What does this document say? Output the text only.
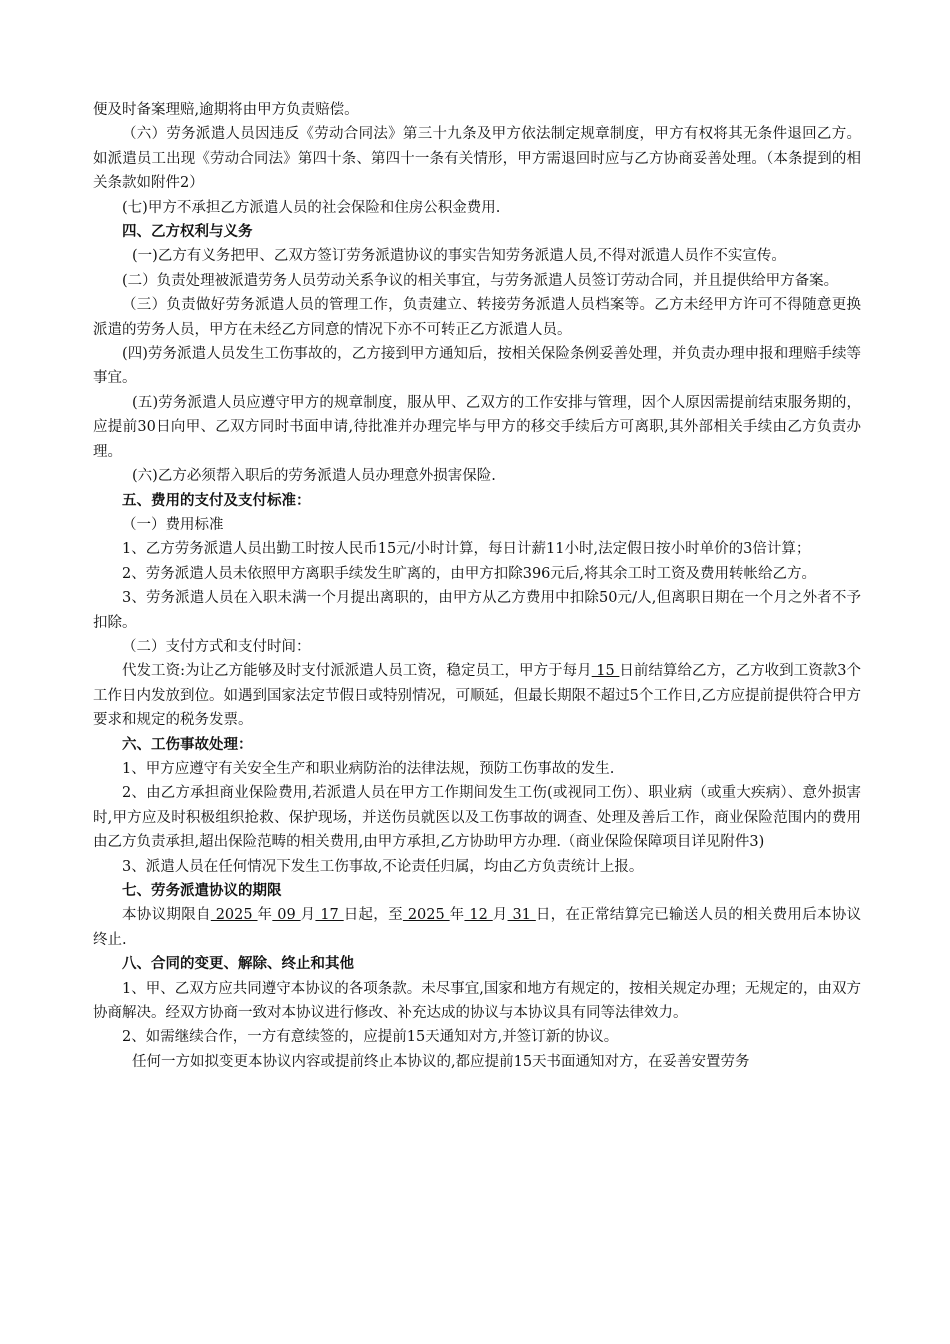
便及时备案理赔,逾期将由甲方负责赔偿。

（六）劳务派遣人员因违反《劳动合同法》第三十九条及甲方依法制定规章制度，甲方有权将其无条件退回乙方。如派遣员工出现《劳动合同法》第四十条、第四十一条有关情形，甲方需退回时应与乙方协商妥善处理。（本条提到的相关条款如附件2）

(七)甲方不承担乙方派遣人员的社会保险和住房公积金费用.

四、乙方权利与义务

(一)乙方有义务把甲、乙双方签订劳务派遣协议的事实告知劳务派遣人员,不得对派遣人员作不实宣传。

(二）负责处理被派遣劳务人员劳动关系争议的相关事宜，与劳务派遣人员签订劳动合同，并且提供给甲方备案。

（三）负责做好劳务派遣人员的管理工作，负责建立、转接劳务派遣人员档案等。乙方未经甲方许可不得随意更换派遣的劳务人员，甲方在未经乙方同意的情况下亦不可转正乙方派遣人员。

(四)劳务派遣人员发生工伤事故的，乙方接到甲方通知后，按相关保险条例妥善处理，并负责办理申报和理赔手续等事宜。

(五)劳务派遣人员应遵守甲方的规章制度，服从甲、乙双方的工作安排与管理，因个人原因需提前结束服务期的，应提前30日向甲、乙双方同时书面申请,待批准并办理完毕与甲方的移交手续后方可离职,其外部相关手续由乙方负责办理。

(六)乙方必须帮入职后的劳务派遣人员办理意外损害保险.

五、费用的支付及支付标准：

（一）费用标准

1、乙方劳务派遣人员出勤工时按人民币15元/小时计算，每日计薪11小时,法定假日按小时单价的3倍计算；

2、劳务派遣人员未依照甲方离职手续发生旷离的，由甲方扣除396元后,将其余工时工资及费用转帐给乙方。

3、劳务派遣人员在入职未满一个月提出离职的，由甲方从乙方费用中扣除50元/人,但离职日期在一个月之外者不予扣除。

（二）支付方式和支付时间：

代发工资:为让乙方能够及时支付派派遣人员工资，稳定员工，甲方于每月 15 日前结算给乙方，乙方收到工资款3个工作日内发放到位。如遇到国家法定节假日或特别情况，可顺延，但最长期限不超过5个工作日,乙方应提前提供符合甲方要求和规定的税务发票。

六、工伤事故处理：

1、甲方应遵守有关安全生产和职业病防治的法律法规，预防工伤事故的发生.

2、由乙方承担商业保险费用,若派遣人员在甲方工作期间发生工伤(或视同工伤）、职业病（或重大疾病）、意外损害时,甲方应及时积极组织抢救、保护现场，并送伤员就医以及工伤事故的调查、处理及善后工作，商业保险范围内的费用由乙方负责承担,超出保险范畴的相关费用,由甲方承担,乙方协助甲方办理.（商业保险保障项目详见附件3)

3、派遣人员在任何情况下发生工伤事故,不论责任归属，均由乙方负责统计上报。

七、劳务派遣协议的期限

本协议期限自 2025 年 09 月 17 日起，至 2025 年 12 月 31 日，在正常结算完已输送人员的相关费用后本协议终止.

八、合同的变更、解除、终止和其他

1、甲、乙双方应共同遵守本协议的各项条款。未尽事宜,国家和地方有规定的，按相关规定办理；无规定的，由双方协商解决。经双方协商一致对本协议进行修改、补充达成的协议与本协议具有同等法律效力。

2、如需继续合作，一方有意续签的，应提前15天通知对方,并签订新的协议。

任何一方如拟变更本协议内容或提前终止本协议的,都应提前15天书面通知对方，在妥善安置劳务
